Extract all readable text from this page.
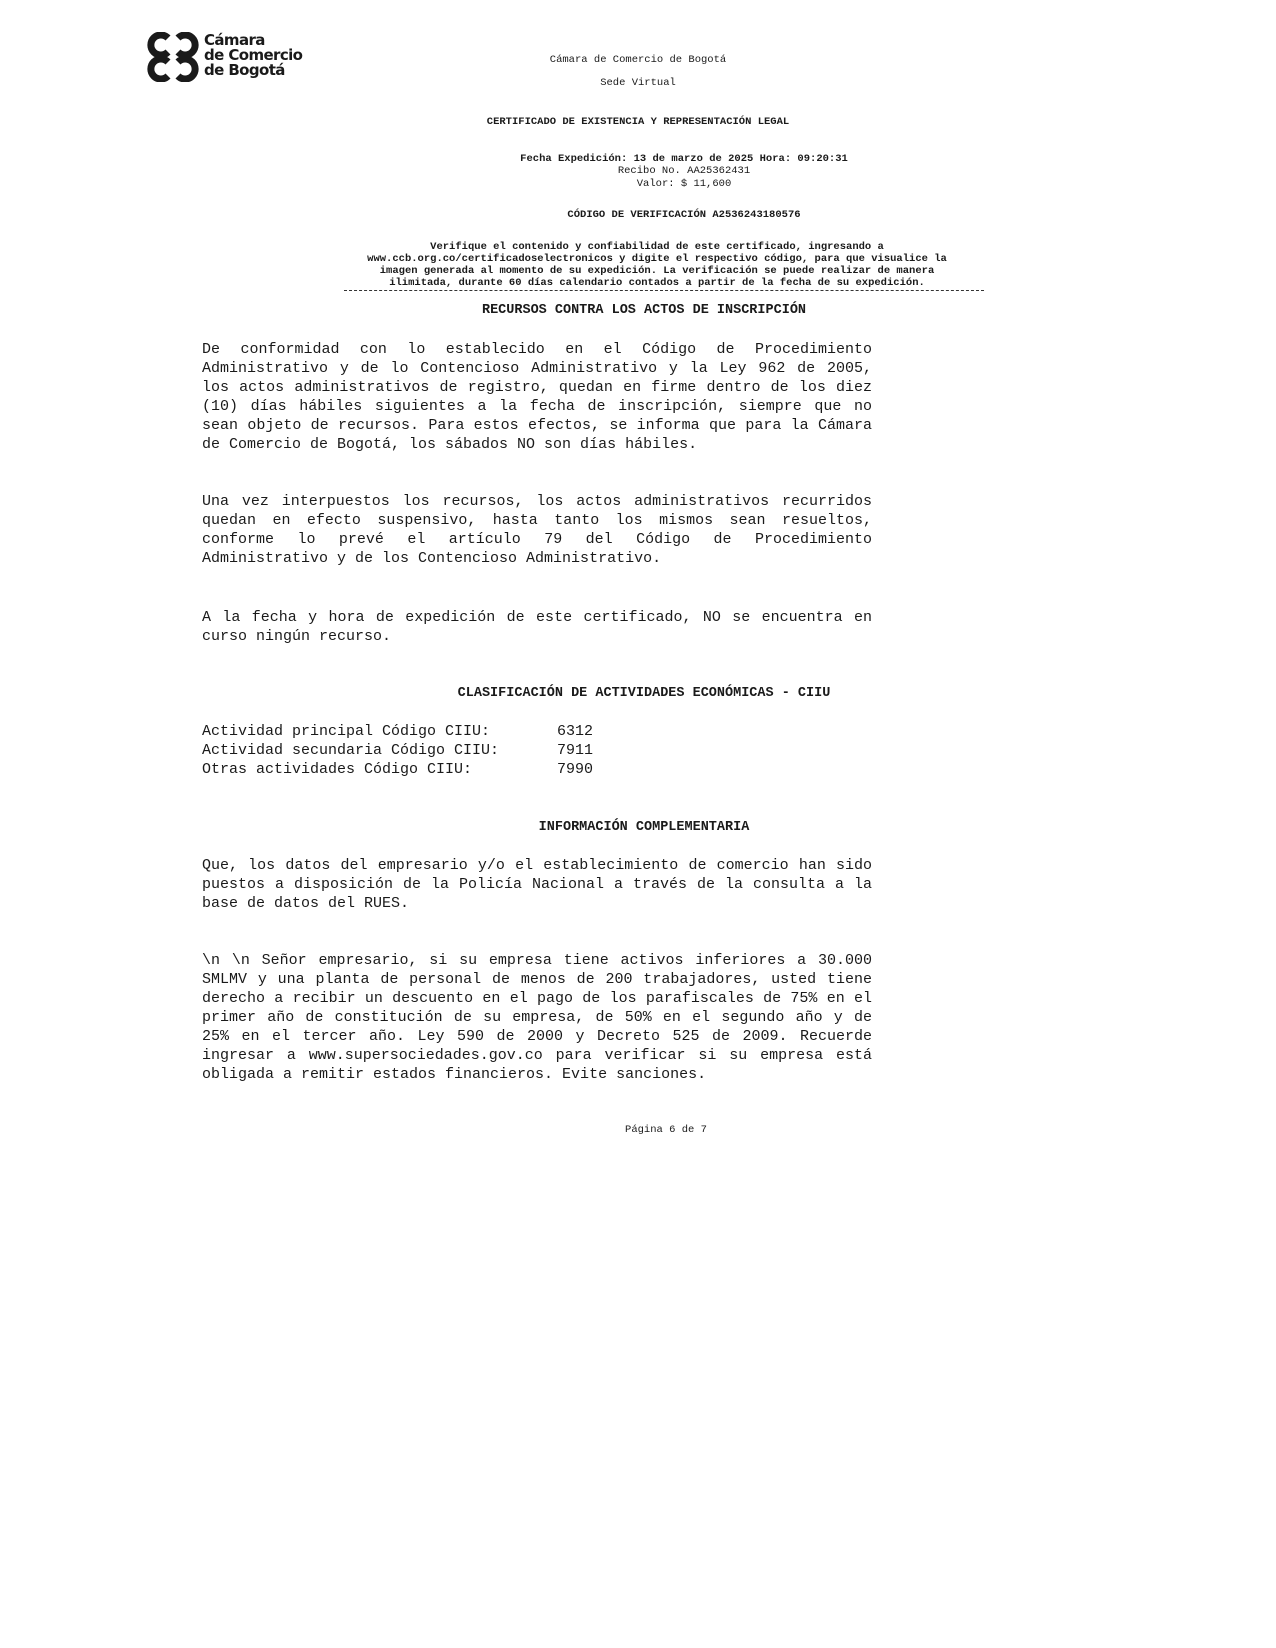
Cámara
de Comercio
de Bogotá
Cámara de Comercio de Bogotá
Sede Virtual
CERTIFICADO DE EXISTENCIA Y REPRESENTACIÓN LEGAL
Fecha Expedición: 13 de marzo de 2025 Hora: 09:20:31
Recibo No. AA25362431
Valor: $ 11,600
CÓDIGO DE VERIFICACIÓN A2536243180576
Verifique el contenido y confiabilidad de este certificado, ingresando a
www.ccb.org.co/certificadoselectronicos y digite el respectivo código, para que visualice la
imagen generada al momento de su expedición. La verificación se puede realizar de manera
ilimitada, durante 60 días calendario contados a partir de la fecha de su expedición.
RECURSOS CONTRA LOS ACTOS DE INSCRIPCIÓN
De conformidad con lo establecido en el Código de Procedimiento Administrativo y de lo Contencioso Administrativo y la Ley 962 de 2005, los actos administrativos de registro, quedan en firme dentro de los diez (10) días hábiles siguientes a la fecha de inscripción, siempre que no sean objeto de recursos. Para estos efectos, se informa que para la Cámara de Comercio de Bogotá, los sábados NO son días hábiles.
Una vez interpuestos los recursos, los actos administrativos recurridos quedan en efecto suspensivo, hasta tanto los mismos sean resueltos, conforme lo prevé el artículo 79 del Código de Procedimiento Administrativo y de los Contencioso Administrativo.
A la fecha y hora de expedición de este certificado, NO se encuentra en curso ningún recurso.
CLASIFICACIÓN DE ACTIVIDADES ECONÓMICAS - CIIU
Actividad principal Código CIIU:	6312
Actividad secundaria Código CIIU:	7911
Otras actividades Código CIIU:	7990
INFORMACIÓN COMPLEMENTARIA
Que, los datos del empresario y/o el establecimiento de comercio han sido puestos a disposición de la Policía Nacional a través de la consulta a la base de datos del RUES.
\n \n Señor empresario, si su empresa tiene activos inferiores a 30.000 SMLMV y una planta de personal de menos de 200 trabajadores, usted tiene derecho a recibir un descuento en el pago de los parafiscales de 75% en el primer año de constitución de su empresa, de 50% en el segundo año y de 25% en el tercer año. Ley 590 de 2000 y Decreto 525 de 2009. Recuerde ingresar a www.supersociedades.gov.co para verificar si su empresa está obligada a remitir estados financieros. Evite sanciones.
Página 6 de 7
